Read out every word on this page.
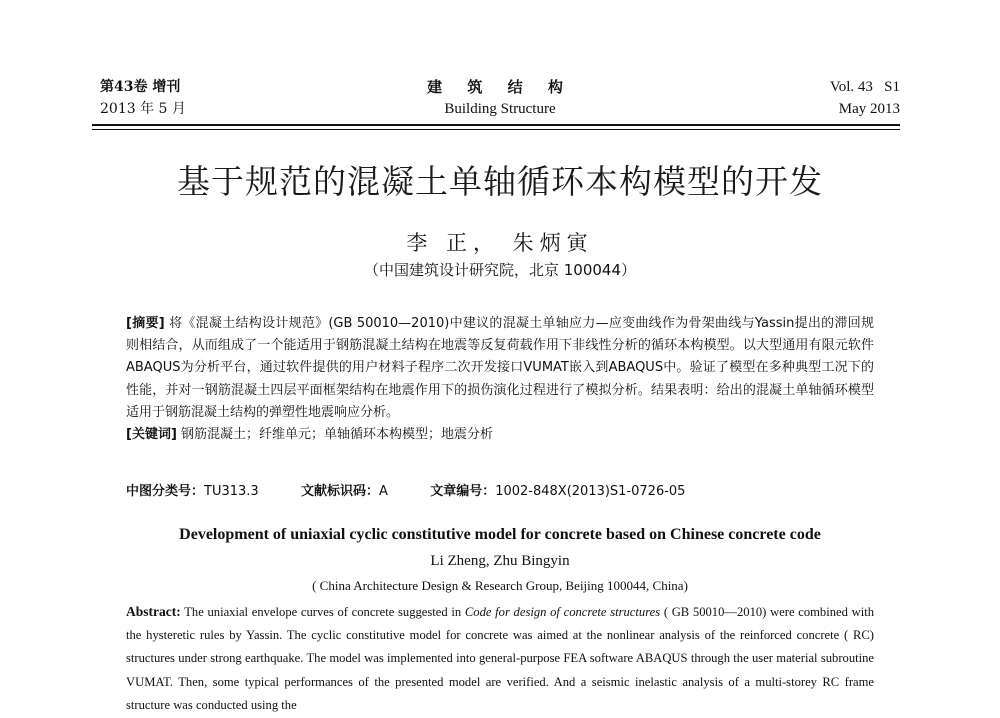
第43卷 增刊
2013 年 5 月
建 筑 结 构
Building Structure
Vol. 43   S1
May 2013
基于规范的混凝土单轴循环本构模型的开发
李 正， 朱炳寅
（中国建筑设计研究院，北京 100044）

[摘要] 将《混凝土结构设计规范》(GB 50010—2010)中建议的混凝土单轴应力—应变曲线作为骨架曲线与Yassin提出的滞回规则相结合，从而组成了一个能适用于钢筋混凝土结构在地震等反复荷载作用下非线性分析的循环本构模型。以大型通用有限元软件ABAQUS为分析平台，通过软件提供的用户材料子程序二次开发接口VUMAT嵌入到ABAQUS中。验证了模型在多种典型工况下的性能，并对一钢筋混凝土四层平面框架结构在地震作用下的损伤演化过程进行了模拟分析。结果表明：给出的混凝土单轴循环模型适用于钢筋混凝土结构的弹塑性地震响应分析。

[关键词] 钢筋混凝土；纤维单元；单轴循环本构模型；地震分析

中图分类号：TU313.3	文献标识码：A	文章编号：1002-848X(2013)S1-0726-05
Development of uniaxial cyclic constitutive model for concrete based on Chinese concrete code
Li Zheng, Zhu Bingyin
( China Architecture Design & Research Group, Beijing 100044, China)

Abstract: The uniaxial envelope curves of concrete suggested in Code for design of concrete structures ( GB 50010—2010) were combined with the hysteretic rules by Yassin. The cyclic constitutive model for concrete was aimed at the nonlinear analysis of the reinforced concrete ( RC) structures under strong earthquake. The model was implemented into general-purpose FEA software ABAQUS through the user material subroutine VUMAT. Then, some typical performances of the presented model are verified. And a seismic inelastic analysis of a multi-storey RC frame structure was conducted using the
